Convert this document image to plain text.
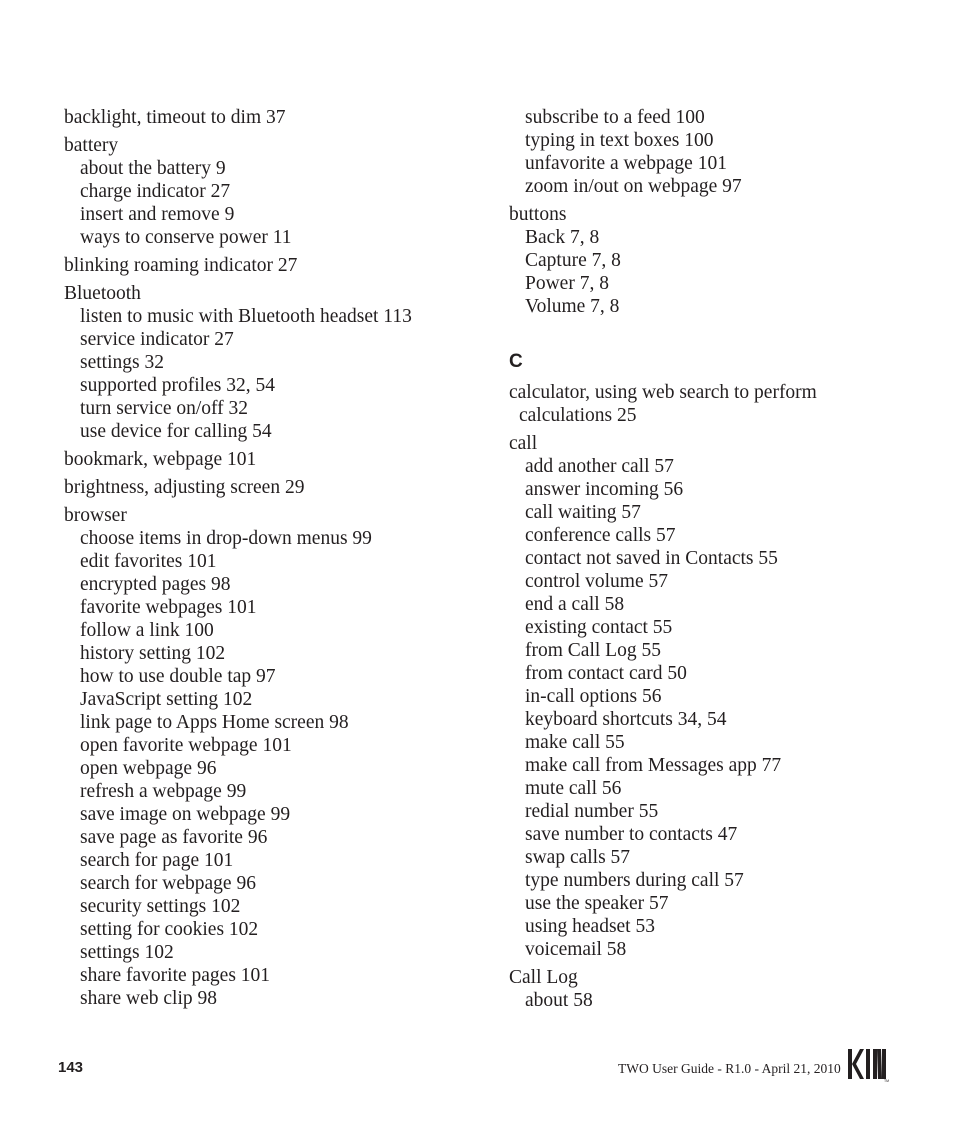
backlight, timeout to dim 37
battery
about the battery 9
charge indicator 27
insert and remove 9
ways to conserve power 11
blinking roaming indicator 27
Bluetooth
listen to music with Bluetooth headset 113
service indicator 27
settings 32
supported profiles 32, 54
turn service on/off 32
use device for calling 54
bookmark, webpage 101
brightness, adjusting screen 29
browser
choose items in drop-down menus 99
edit favorites 101
encrypted pages 98
favorite webpages 101
follow a link 100
history setting 102
how to use double tap 97
JavaScript setting 102
link page to Apps Home screen 98
open favorite webpage 101
open webpage 96
refresh a webpage 99
save image on webpage 99
save page as favorite 96
search for page 101
search for webpage 96
security settings 102
setting for cookies 102
settings 102
share favorite pages 101
share web clip 98
subscribe to a feed 100
typing in text boxes 100
unfavorite a webpage 101
zoom in/out on webpage 97
buttons
Back 7, 8
Capture 7, 8
Power 7, 8
Volume 7, 8
C
calculator, using web search to perform
calculations 25
call
add another call 57
answer incoming 56
call waiting 57
conference calls 57
contact not saved in Contacts 55
control volume 57
end a call 58
existing contact 55
from Call Log 55
from contact card 50
in-call options 56
keyboard shortcuts 34, 54
make call 55
make call from Messages app 77
mute call 56
redial number 55
save number to contacts 47
swap calls 57
type numbers during call 57
use the speaker 57
using headset 53
voicemail 58
Call Log
about 58
143	TWO User Guide - R1.0 - April 21, 2010
TM
